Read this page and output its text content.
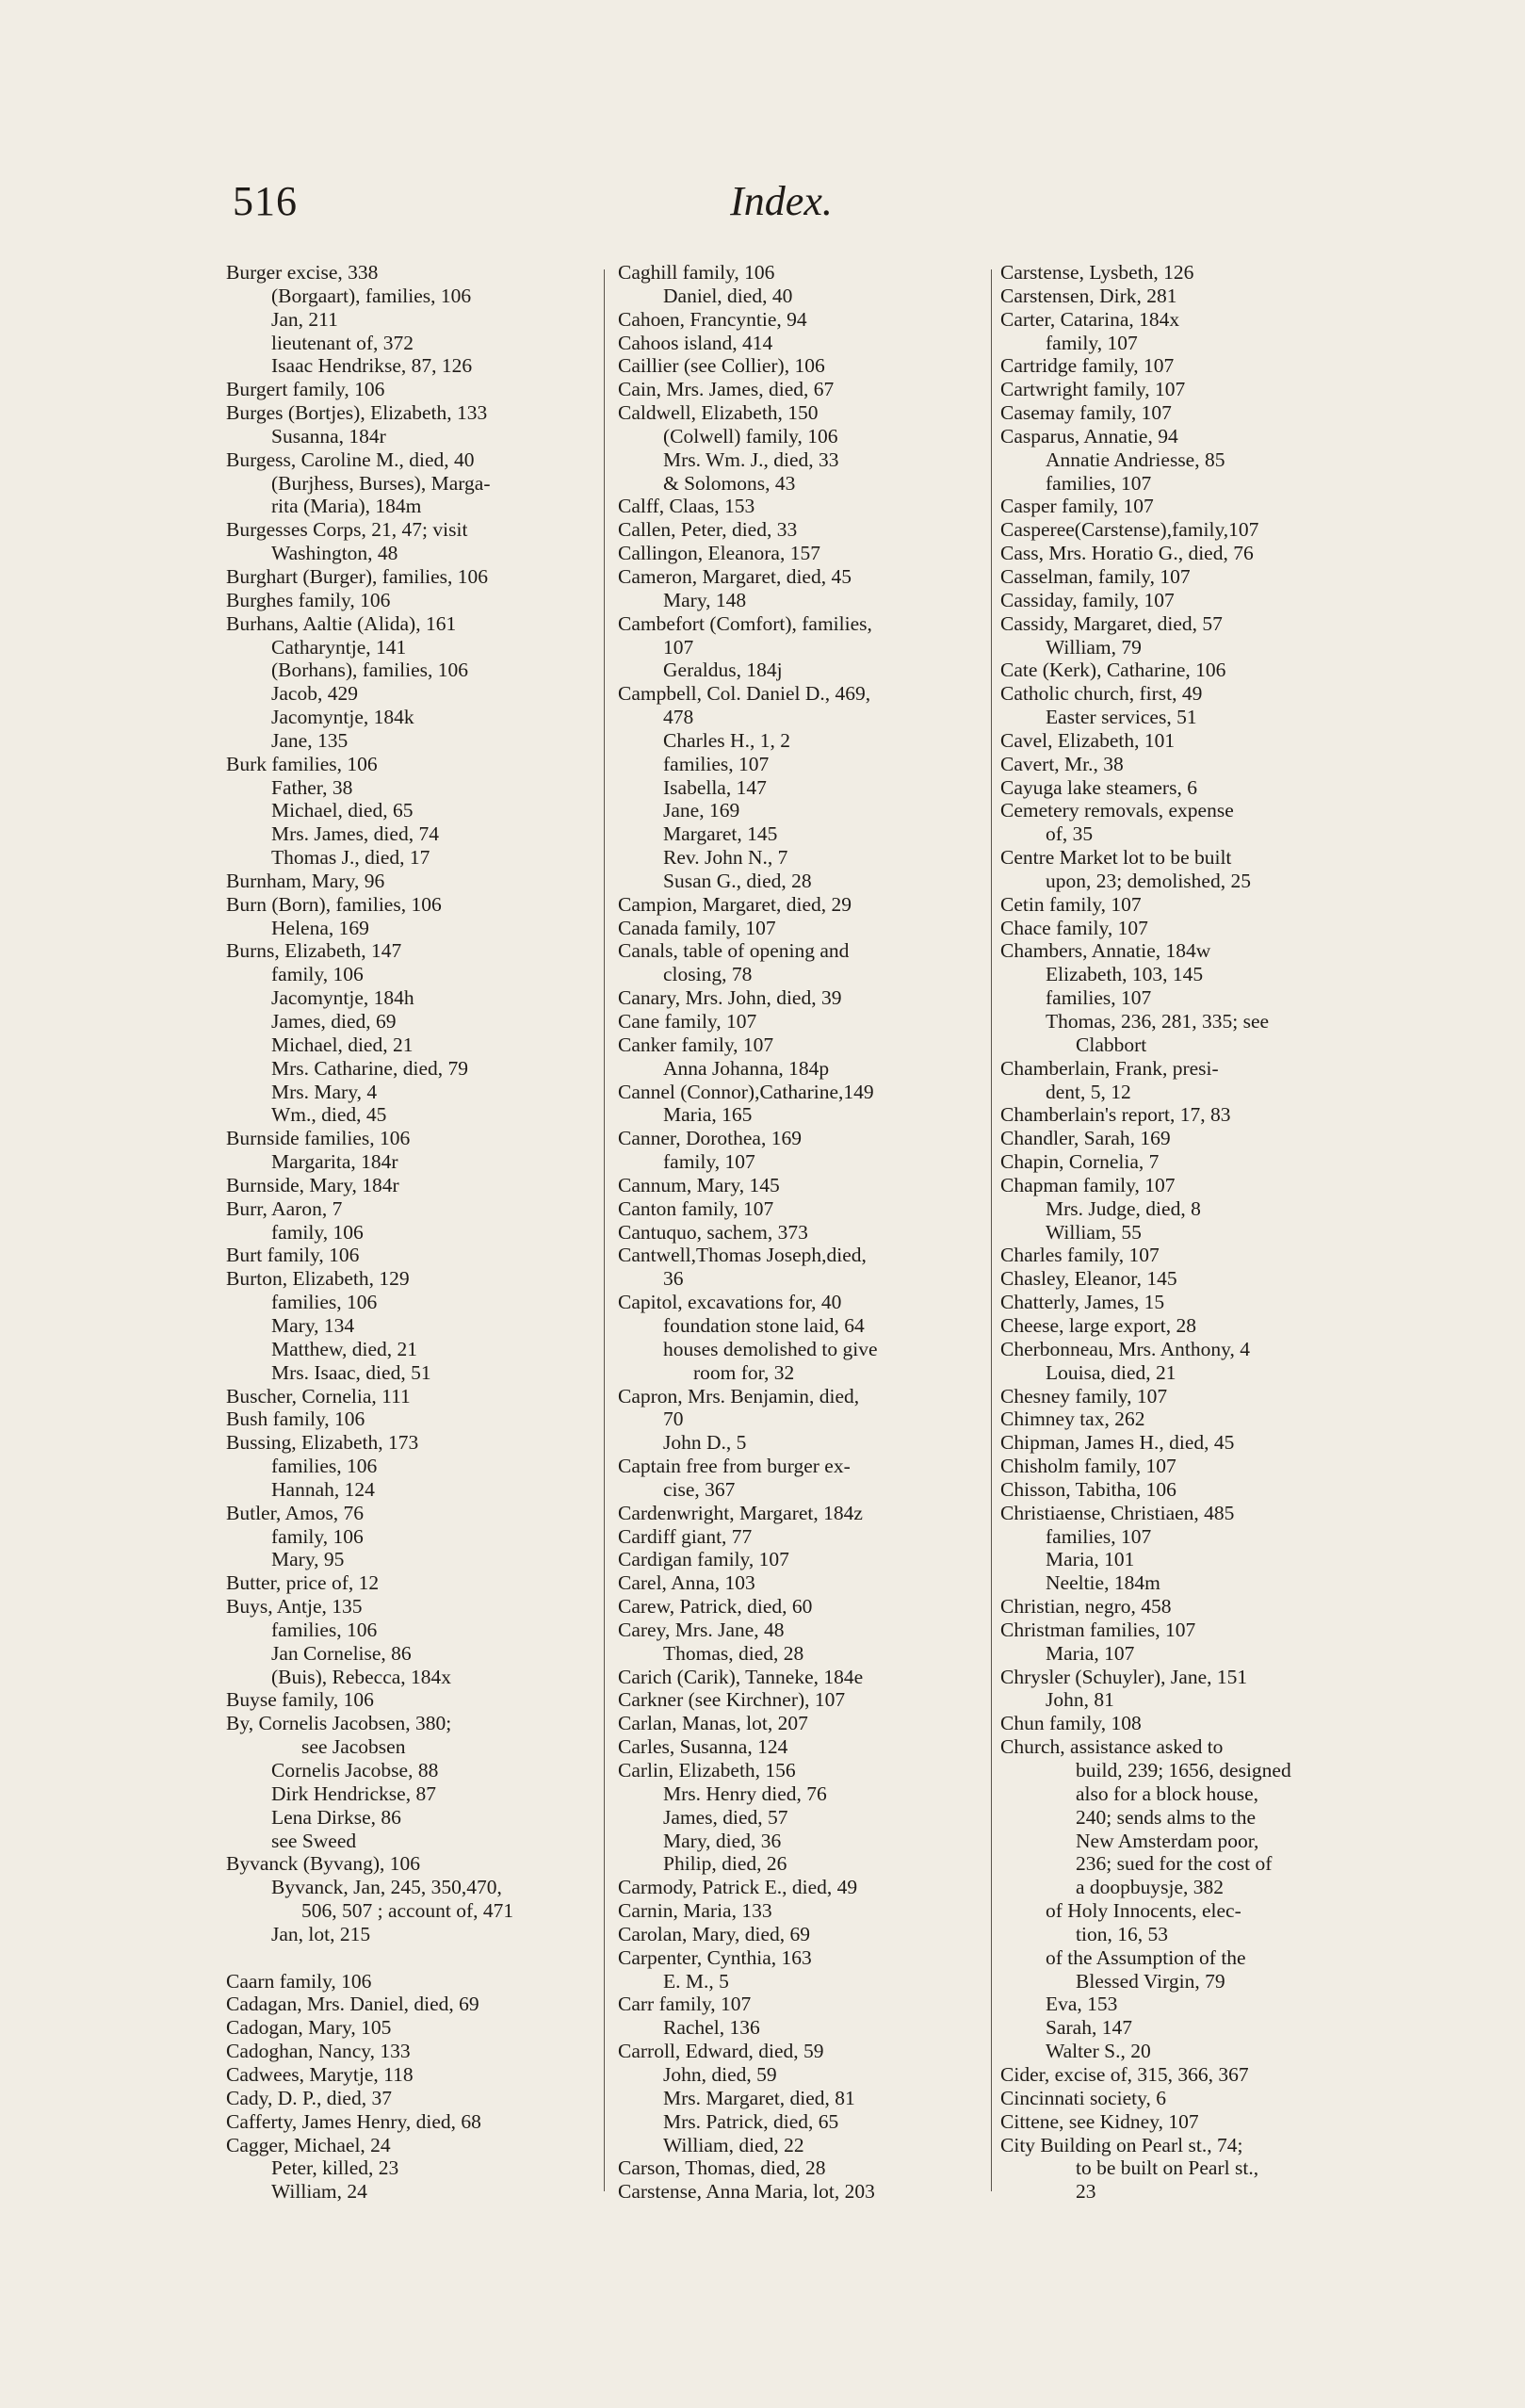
516	Index.
Burger excise, 338
(Borgaart), families, 106
Jan, 211
lieutenant of, 372
Isaac Hendrikse, 87, 126
Burgert family, 106
Burges (Bortjes), Elizabeth, 133
Susanna, 184r
Burgess, Caroline M., died, 40
(Burjhess, Burses), Marga-
rita (Maria), 184m
Burgesses Corps, 21, 47; visit
Washington, 48
Burghart (Burger), families, 106
Burghes family, 106
Burhans, Aaltie (Alida), 161
Catharyntje, 141
(Borhans), families, 106
Jacob, 429
Jacomyntje, 184k
Jane, 135
Burk families, 106
Father, 38
Michael, died, 65
Mrs. James, died, 74
Thomas J., died, 17
Burnham, Mary, 96
Burn (Born), families, 106
Helena, 169
Burns, Elizabeth, 147
family, 106
Jacomyntje, 184h
James, died, 69
Michael, died, 21
Mrs. Catharine, died, 79
Mrs. Mary, 4
Wm., died, 45
Burnside families, 106
Margarita, 184r
Burnside, Mary, 184r
Burr, Aaron, 7
family, 106
Burt family, 106
Burton, Elizabeth, 129
families, 106
Mary, 134
Matthew, died, 21
Mrs. Isaac, died, 51
Buscher, Cornelia, 111
Bush family, 106
Bussing, Elizabeth, 173
families, 106
Hannah, 124
Butler, Amos, 76
family, 106
Mary, 95
Butter, price of, 12
Buys, Antje, 135
families, 106
Jan Cornelise, 86
(Buis), Rebecca, 184x
Buyse family, 106
By, Cornelis Jacobsen, 380;
see Jacobsen
Cornelis Jacobse, 88
Dirk Hendrickse, 87
Lena Dirkse, 86
see Sweed
Byvanck (Byvang), 106
Byvanck, Jan, 245, 350,470,
506, 507 ; account of, 471
Jan, lot, 215
Caarn family, 106
Cadagan, Mrs. Daniel, died, 69
Cadogan, Mary, 105
Cadoghan, Nancy, 133
Cadwees, Marytje, 118
Cady, D. P., died, 37
Cafferty, James Henry, died, 68
Cagger, Michael, 24
Peter, killed, 23
William, 24
Caghill family, 106
Daniel, died, 40
Cahoen, Francyntie, 94
Cahoos island, 414
Caillier (see Collier), 106
Cain, Mrs. James, died, 67
Caldwell, Elizabeth, 150
(Colwell) family, 106
Mrs. Wm. J., died, 33
& Solomons, 43
Calff, Claas, 153
Callen, Peter, died, 33
Callingon, Eleanora, 157
Cameron, Margaret, died, 45
Mary, 148
Cambefort (Comfort), families,
107
Geraldus, 184j
Campbell, Col. Daniel D., 469,
478
Charles H., 1, 2
families, 107
Isabella, 147
Jane, 169
Margaret, 145
Rev. John N., 7
Susan G., died, 28
Campion, Margaret, died, 29
Canada family, 107
Canals, table of opening and
closing, 78
Canary, Mrs. John, died, 39
Cane family, 107
Canker family, 107
Anna Johanna, 184p
Cannel (Connor),Catharine,149
Maria, 165
Canner, Dorothea, 169
family, 107
Cannum, Mary, 145
Canton family, 107
Cantuquo, sachem, 373
Cantwell,Thomas Joseph,died,
36
Capitol, excavations for, 40
foundation stone laid, 64
houses demolished to give
room for, 32
Capron, Mrs. Benjamin, died,
70
John D., 5
Captain free from burger ex-
cise, 367
Cardenwright, Margaret, 184z
Cardiff giant, 77
Cardigan family, 107
Carel, Anna, 103
Carew, Patrick, died, 60
Carey, Mrs. Jane, 48
Thomas, died, 28
Carich (Carik), Tanneke, 184e
Carkner (see Kirchner), 107
Carlan, Manas, lot, 207
Carles, Susanna, 124
Carlin, Elizabeth, 156
Mrs. Henry died, 76
James, died, 57
Mary, died, 36
Philip, died, 26
Carmody, Patrick E., died, 49
Carnin, Maria, 133
Carolan, Mary, died, 69
Carpenter, Cynthia, 163
E. M., 5
Carr family, 107
Rachel, 136
Carroll, Edward, died, 59
John, died, 59
Mrs. Margaret, died, 81
Mrs. Patrick, died, 65
William, died, 22
Carson, Thomas, died, 28
Carstense, Anna Maria, lot, 203
Carstense, Lysbeth, 126
Carstensen, Dirk, 281
Carter, Catarina, 184x
family, 107
Cartridge family, 107
Cartwright family, 107
Casemay family, 107
Casparus, Annatie, 94
Annatie Andriesse, 85
families, 107
Casper family, 107
Casperee(Carstense),family,107
Cass, Mrs. Horatio G., died, 76
Casselman, family, 107
Cassiday, family, 107
Cassidy, Margaret, died, 57
William, 79
Cate (Kerk), Catharine, 106
Catholic church, first, 49
Easter services, 51
Cavel, Elizabeth, 101
Cavert, Mr., 38
Cayuga lake steamers, 6
Cemetery removals, expense
of, 35
Centre Market lot to be built
upon, 23; demolished, 25
Cetin family, 107
Chace family, 107
Chambers, Annatie, 184w
Elizabeth, 103, 145
families, 107
Thomas, 236, 281, 335; see
Clabbort
Chamberlain, Frank, presi-
dent, 5, 12
Chamberlain's report, 17, 83
Chandler, Sarah, 169
Chapin, Cornelia, 7
Chapman family, 107
Mrs. Judge, died, 8
William, 55
Charles family, 107
Chasley, Eleanor, 145
Chatterly, James, 15
Cheese, large export, 28
Cherbonneau, Mrs. Anthony, 4
Louisa, died, 21
Chesney family, 107
Chimney tax, 262
Chipman, James H., died, 45
Chisholm family, 107
Chisson, Tabitha, 106
Christiaense, Christiaen, 485
families, 107
Maria, 101
Neeltie, 184m
Christian, negro, 458
Christman families, 107
Maria, 107
Chrysler (Schuyler), Jane, 151
John, 81
Chun family, 108
Church, assistance asked to
build, 239; 1656, designed
also for a block house,
240; sends alms to the
New Amsterdam poor,
236; sued for the cost of
a doopbuysje, 382
of Holy Innocents, elec-
tion, 16, 53
of the Assumption of the
Blessed Virgin, 79
Eva, 153
Sarah, 147
Walter S., 20
Cider, excise of, 315, 366, 367
Cincinnati society, 6
Cittene, see Kidney, 107
City Building on Pearl st., 74;
to be built on Pearl st.,
23
